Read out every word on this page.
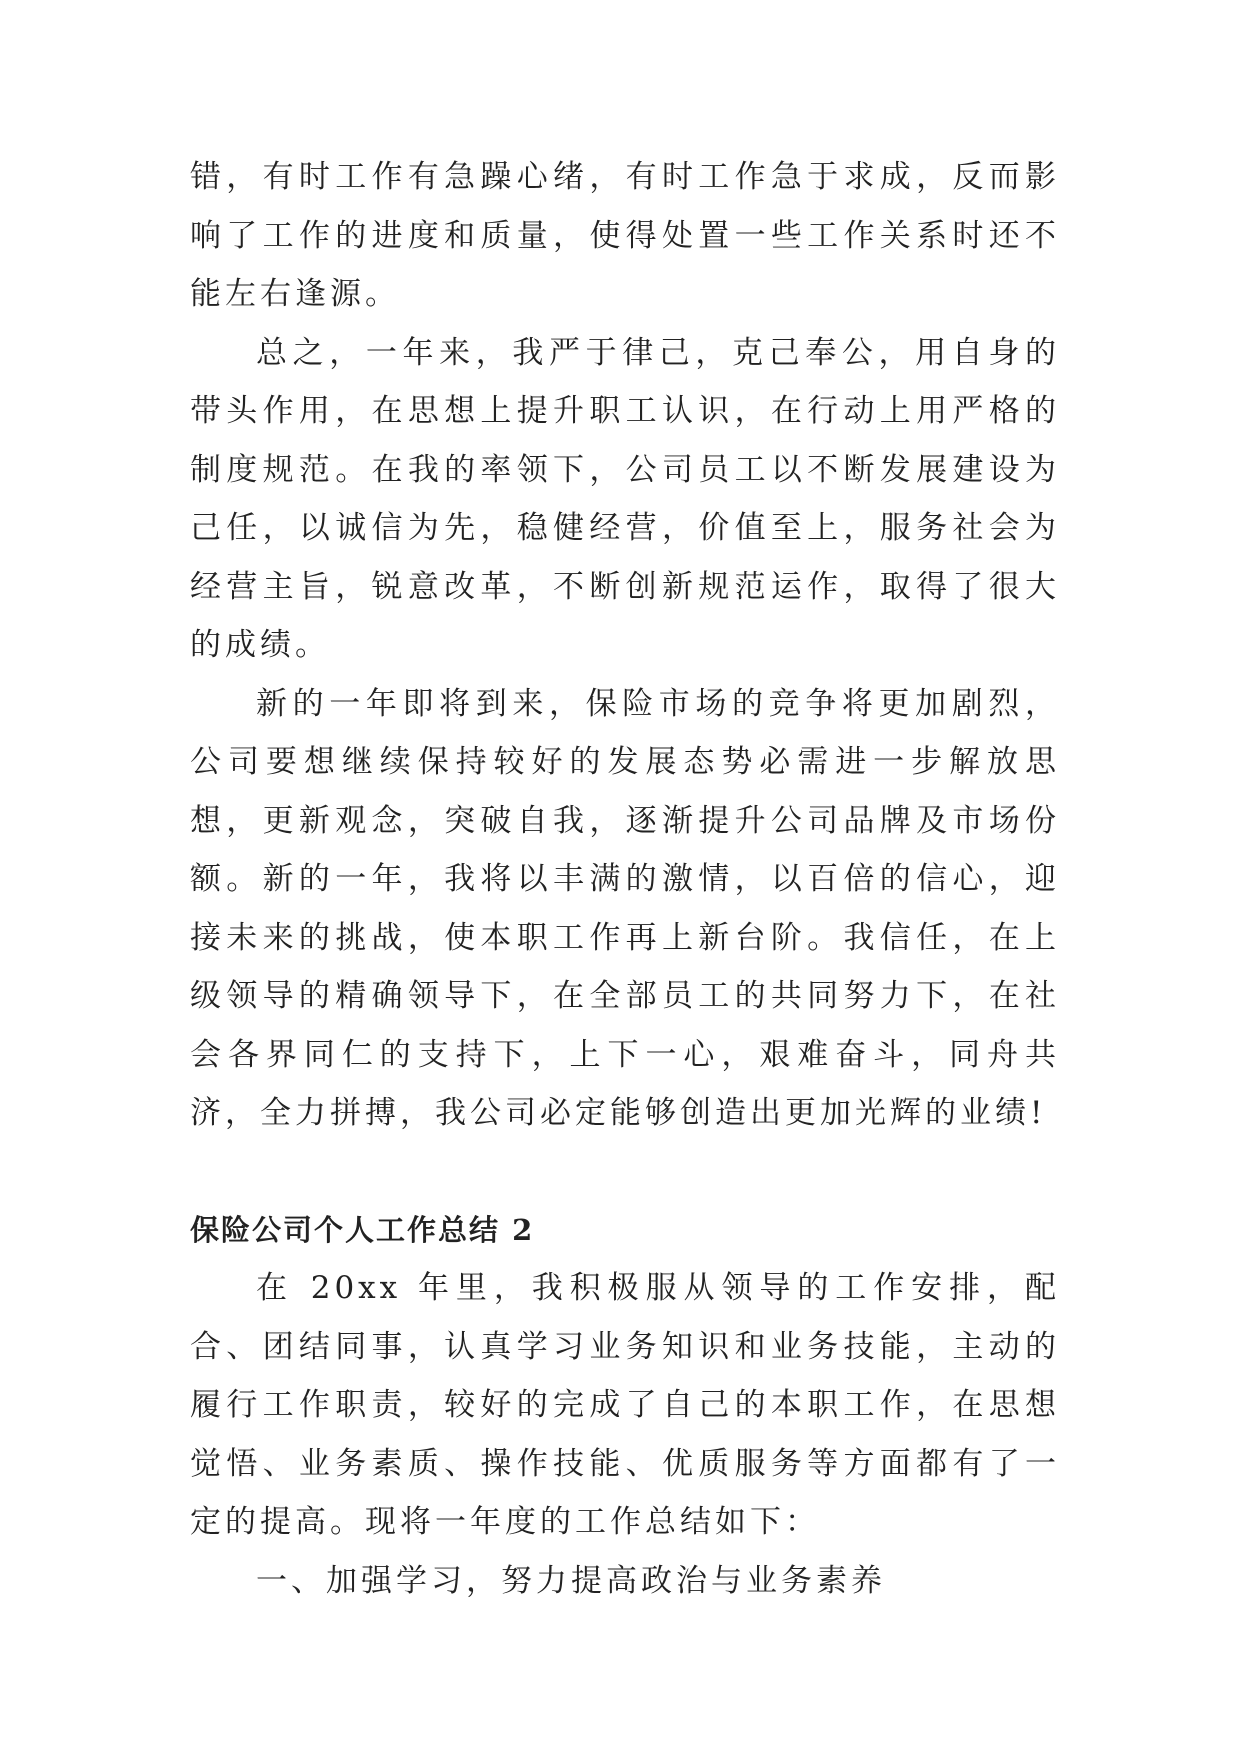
错，有时工作有急躁心绪，有时工作急于求成，反而影响了工作的进度和质量，使得处置一些工作关系时还不能左右逢源。

总之，一年来，我严于律己，克己奉公，用自身的带头作用，在思想上提升职工认识，在行动上用严格的制度规范。在我的率领下，公司员工以不断发展建设为己任，以诚信为先，稳健经营，价值至上，服务社会为经营主旨，锐意改革，不断创新规范运作，取得了很大的成绩。

新的一年即将到来，保险市场的竞争将更加剧烈，公司要想继续保持较好的发展态势必需进一步解放思想，更新观念，突破自我，逐渐提升公司品牌及市场份额。新的一年，我将以丰满的激情，以百倍的信心，迎接未来的挑战，使本职工作再上新台阶。我信任，在上级领导的精确领导下，在全部员工的共同努力下，在社会各界同仁的支持下，上下一心，艰难奋斗，同舟共济，全力拼搏，我公司必定能够创造出更加光辉的业绩!

保险公司个人工作总结 2

在 20xx 年里，我积极服从领导的工作安排，配合、团结同事，认真学习业务知识和业务技能，主动的履行工作职责，较好的完成了自己的本职工作，在思想觉悟、业务素质、操作技能、优质服务等方面都有了一定的提高。现将一年度的工作总结如下：

一、加强学习，努力提高政治与业务素养
